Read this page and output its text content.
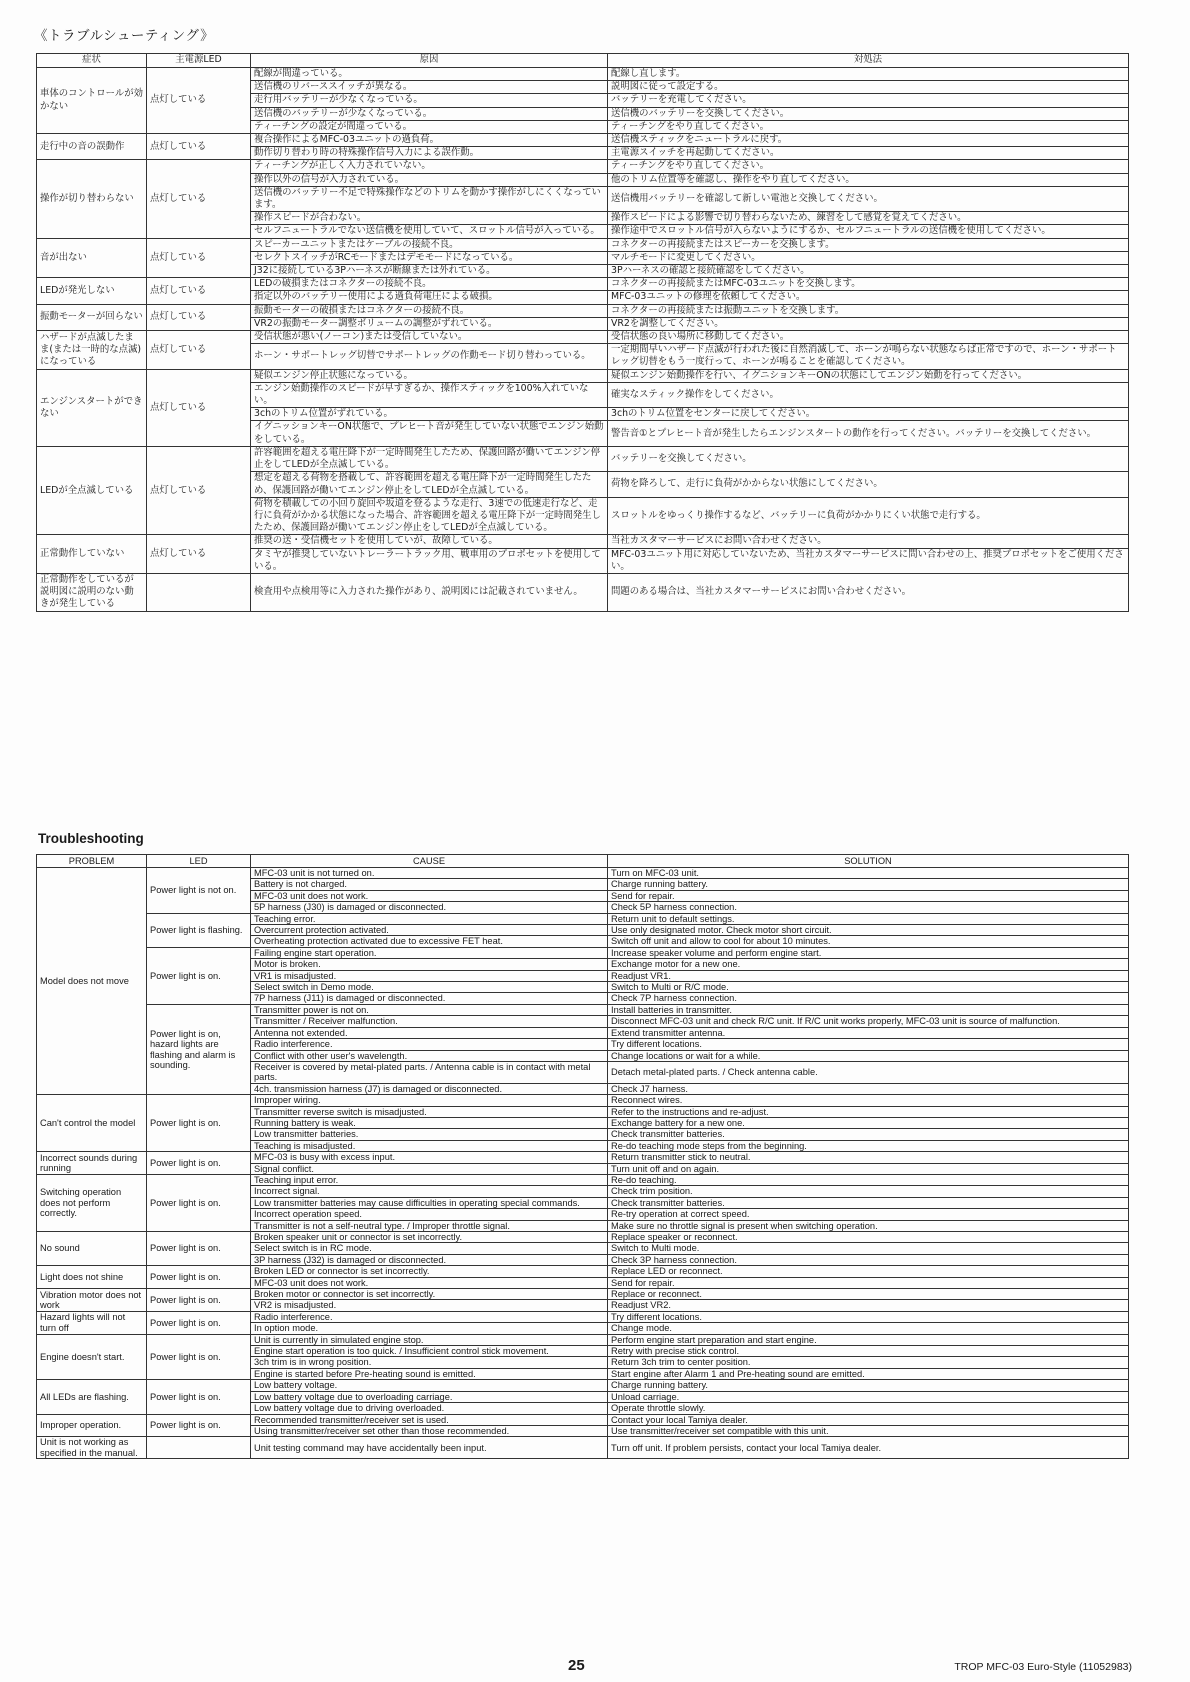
《トラブルシューティング》
症状	主電源LED	原因	対処法
車体のコントロールが効かない	点灯している	配線が間違っている。	配線し直します。
		送信機のリバーススイッチが異なる。	説明図に従って設定する。
		走行用バッテリーが少なくなっている。	バッテリーを充電してください。
		送信機のバッテリーが少なくなっている。	送信機のバッテリーを交換してください。
		ティーチングの設定が間違っている。	ティーチングをやり直してください。
走行中の音の誤動作	点灯している	複合操作によるMFC-03ユニットの過負荷。	送信機スティックをニュートラルに戻す。
		動作切り替わり時の特殊操作信号入力による誤作動。	主電源スイッチを再起動してください。
操作が切り替わらない	点灯している	ティーチングが正しく入力されていない。	ティーチングをやり直してください。
		操作以外の信号が入力されている。	他のトリム位置等を確認し、操作をやり直してください。
		送信機のバッテリー不足で特殊操作などのトリムを動かす操作がしにくくなっています。	送信機用バッテリーを確認して新しい電池と交換してください。
		操作スピードが合わない。	操作スピードによる影響で切り替わらないため、練習をして感覚を覚えてください。
		セルフニュートラルでない送信機を使用していて、スロットル信号が入っている。	操作途中でスロットル信号が入らないようにするか、セルフニュートラルの送信機を使用してください。
音が出ない	点灯している	スピーカーユニットまたはケーブルの接続不良。	コネクターの再接続またはスピーカーを交換します。
		セレクトスイッチがRCモードまたはデモモードになっている。	マルチモードに変更してください。
		J32に接続している3Pハーネスが断線または外れている。	3Pハーネスの確認と接続確認をしてください。
LEDが発光しない	点灯している	LEDの破損またはコネクターの接続不良。	コネクターの再接続またはMFC-03ユニットを交換します。
		指定以外のバッテリー使用による過負荷電圧による破損。	MFC-03ユニットの修理を依頼してください。
振動モーターが回らない	点灯している	振動モーターの破損またはコネクターの接続不良。	コネクターの再接続または振動ユニットを交換します。
		VR2の振動モーター調整ボリュームの調整がずれている。	VR2を調整してください。
ハザードが点滅したまま(または一時的な点滅)になっている	点灯している	受信状態が悪い(ノーコン)または受信していない。	受信状態の良い場所に移動してください。
		ホーン・サポートレッグ切替でサポートレッグの作動モード切り替わっている。	一定期間早いハザード点滅が行われた後に自然消滅して、ホーンが鳴らない状態ならば正常ですので、ホーン・サポートレッグ切替をもう一度行って、ホーンが鳴ることを確認してください。
エンジンスタートができない	点灯している	疑似エンジン停止状態になっている。	疑似エンジン始動操作を行い、イグニションキーONの状態にしてエンジン始動を行ってください。
		エンジン始動操作のスピードが早すぎるか、操作スティックを100%入れていない。	確実なスティック操作をしてください。
		3chのトリム位置がずれている。	3chのトリム位置をセンターに戻してください。
		イグニッションキーON状態で、プレヒート音が発生していない状態でエンジン始動をしている。	警告音①とプレヒート音が発生したらエンジンスタートの動作を行ってください。バッテリーを交換してください。
LEDが全点滅している	点灯している	許容範囲を超える電圧降下が一定時間発生したため、保護回路が働いてエンジン停止をしてLEDが全点滅している。	バッテリーを交換してください。
		想定を超える荷物を搭載して、許容範囲を超える電圧降下が一定時間発生したため、保護回路が働いてエンジン停止をしてLEDが全点滅している。	荷物を降ろして、走行に負荷がかからない状態にしてください。
		荷物を積載しての小回り旋回や坂道を登るような走行、3速での低速走行など、走行に負荷がかかる状態になった場合、許容範囲を超える電圧降下が一定時間発生したため、保護回路が働いてエンジン停止をしてLEDが全点滅している。	スロットルをゆっくり操作するなど、バッテリーに負荷がかかりにくい状態で走行する。
正常動作していない	点灯している	推奨の送・受信機セットを使用していが、故障している。	当社カスタマーサービスにお問い合わせください。
		タミヤが推奨していないトレーラートラック用、戦車用のプロポセットを使用している。	MFC-03ユニット用に対応していないため、当社カスタマーサービスに問い合わせの上、推奨プロポセットをご使用ください。
正常動作をしているが説明図に説明のない動きが発生している		検査用や点検用等に入力された操作があり、説明図には記載されていません。	問題のある場合は、当社カスタマーサービスにお問い合わせください。
Troubleshooting
PROBLEM	LED	CAUSE	SOLUTION
Model does not move	Power light is not on.	MFC-03 unit is not turned on.	Turn on MFC-03 unit.
		Battery is not charged.	Charge running battery.
		MFC-03 unit does not work.	Send for repair.
		5P harness (J30) is damaged or disconnected.	Check 5P harness connection.
	Power light is flashing.	Teaching error.	Return unit to default settings.
		Overcurrent protection activated.	Use only designated motor. Check motor short circuit.
		Overheating protection activated due to excessive FET heat.	Switch off unit and allow to cool for about 10 minutes.
	Power light is on.	Failing engine start operation.	Increase speaker volume and perform engine start.
		Motor is broken.	Exchange motor for a new one.
		VR1 is misadjusted.	Readjust VR1.
		Select switch in Demo mode.	Switch to Multi or R/C mode.
		7P harness (J11) is damaged or disconnected.	Check 7P harness connection.
	Power light is on, hazard lights are flashing and alarm is sounding.	Transmitter power is not on.	Install batteries in transmitter.
		Transmitter / Receiver malfunction.	Disconnect MFC-03 unit and check R/C unit. If R/C unit works properly, MFC-03 unit is source of malfunction.
		Antenna not extended.	Extend transmitter antenna.
		Radio interference.	Try different locations.
		Conflict with other user's wavelength.	Change locations or wait for a while.
		Receiver is covered by metal-plated parts. / Antenna cable is in contact with metal parts.	Detach metal-plated parts. / Check antenna cable.
		4ch. transmission harness (J7) is damaged or disconnected.	Check J7 harness.
Can't control the model	Power light is on.	Improper wiring.	Reconnect wires.
		Transmitter reverse switch is misadjusted.	Refer to the instructions and re-adjust.
		Running battery is weak.	Exchange battery for a new one.
		Low transmitter batteries.	Check transmitter batteries.
		Teaching is misadjusted.	Re-do teaching mode steps from the beginning.
Incorrect sounds during running	Power light is on.	MFC-03 is busy with excess input.	Return transmitter stick to neutral.
		Signal conflict.	Turn unit off and on again.
Switching operation does not perform correctly.	Power light is on.	Teaching input error.	Re-do teaching.
		Incorrect signal.	Check trim position.
		Low transmitter batteries may cause difficulties in operating special commands.	Check transmitter batteries.
		Incorrect operation speed.	Re-try operation at correct speed.
		Transmitter is not a self-neutral type. / Improper throttle signal.	Make sure no throttle signal is present when switching operation.
No sound	Power light is on.	Broken speaker unit or connector is set incorrectly.	Replace speaker or reconnect.
		Select switch is in RC mode.	Switch to Multi mode.
		3P harness (J32) is damaged or disconnected.	Check 3P harness connection.
Light does not shine	Power light is on.	Broken LED or connector is set incorrectly.	Replace LED or reconnect.
		MFC-03 unit does not work.	Send for repair.
Vibration motor does not work	Power light is on.	Broken motor or connector is set incorrectly.	Replace or reconnect.
		VR2 is misadjusted.	Readjust VR2.
Hazard lights will not turn off	Power light is on.	Radio interference.	Try different locations.
		In option mode.	Change mode.
Engine doesn't start.	Power light is on.	Unit is currently in simulated engine stop.	Perform engine start preparation and start engine.
		Engine start operation is too quick. / Insufficient control stick movement.	Retry with precise stick control.
		3ch trim is in wrong position.	Return 3ch trim to center position.
		Engine is started before Pre-heating sound is emitted.	Start engine after Alarm 1 and Pre-heating sound are emitted.
All LEDs are flashing.	Power light is on.	Low battery voltage.	Charge running battery.
		Low battery voltage due to overloading carriage.	Unload carriage.
		Low battery voltage due to driving overloaded.	Operate throttle slowly.
Improper operation.	Power light is on.	Recommended transmitter/receiver set is used.	Contact your local Tamiya dealer.
		Using transmitter/receiver set other than those recommended.	Use transmitter/receiver set compatible with this unit.
Unit is not working as specified in the manual.		Unit testing command may have accidentally been input.	Turn off unit. If problem persists, contact your local Tamiya dealer.
25	TROP MFC-03 Euro-Style (11052983)
